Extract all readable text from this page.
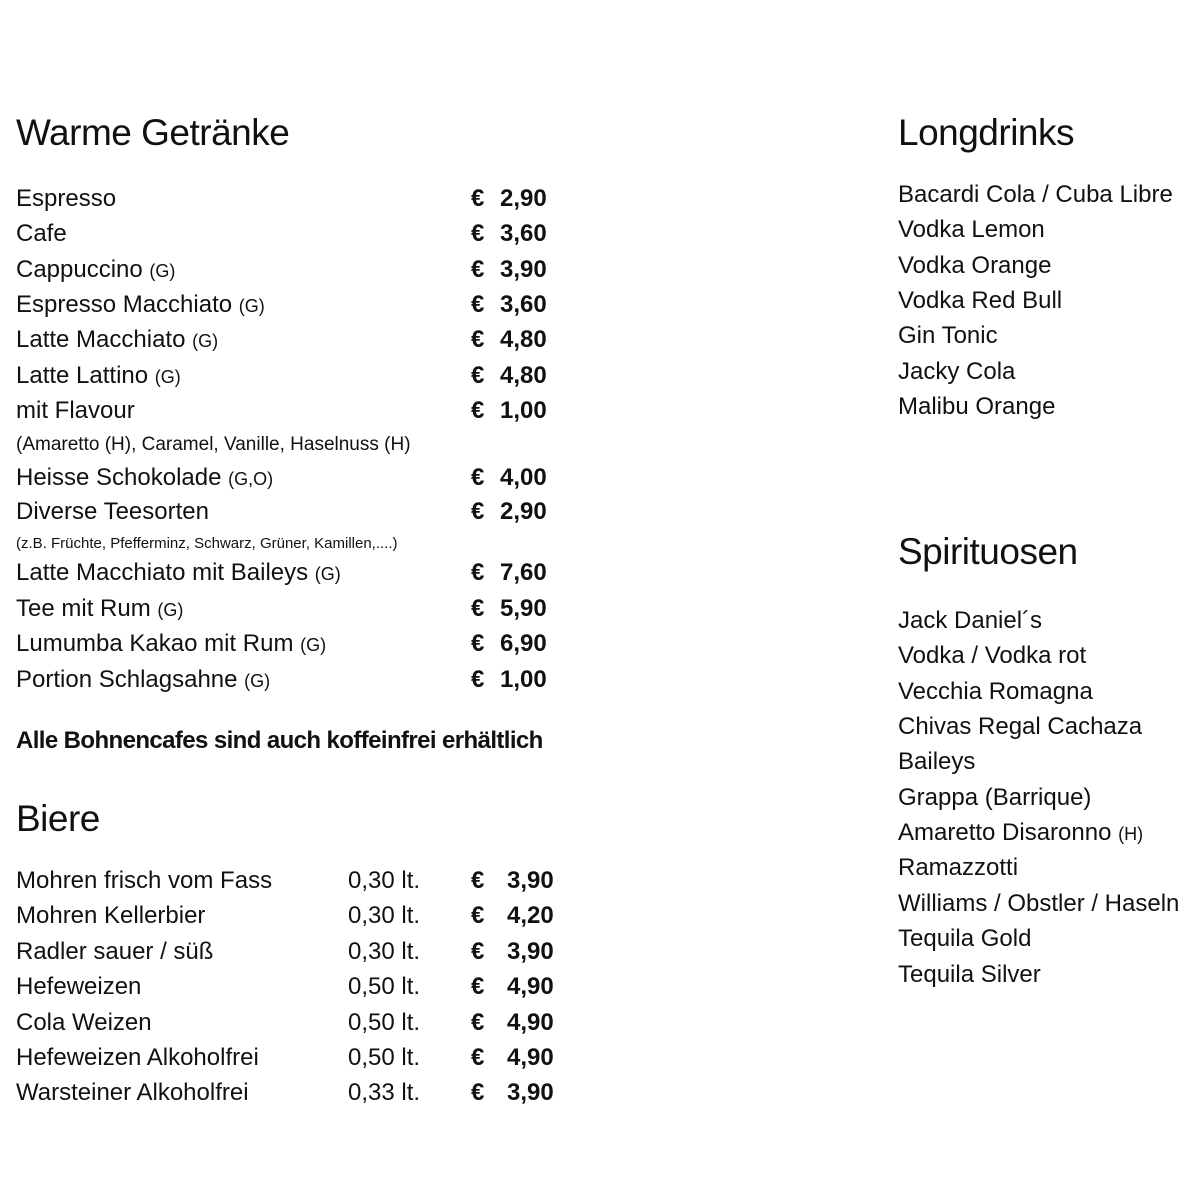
Warme Getränke
Espresso	€ 2,90
Cafe	€ 3,60
Cappuccino (G)	€ 3,90
Espresso Macchiato (G)	€ 3,60
Latte Macchiato (G)	€ 4,80
Latte Lattino (G)	€ 4,80
mit Flavour	€ 1,00
(Amaretto (H), Caramel, Vanille, Haselnuss (H)
Heisse Schokolade (G,O)	€ 4,00
Diverse Teesorten	€ 2,90
(z.B. Früchte, Pfefferminz, Schwarz, Grüner, Kamillen,....)
Latte Macchiato mit Baileys (G)	€ 7,60
Tee mit Rum (G)	€ 5,90
Lumumba Kakao mit Rum (G)	€ 6,90
Portion Schlagsahne (G)	€ 1,00
Alle Bohnencafes sind auch koffeinfrei erhältlich
Biere
Mohren frisch vom Fass	0,30 lt. € 3,90
Mohren Kellerbier	0,30 lt. € 4,20
Radler sauer / süß	0,30 lt. € 3,90
Hefeweizen	0,50 lt. € 4,90
Cola Weizen	0,50 lt. € 4,90
Hefeweizen Alkoholfrei	0,50 lt. € 4,90
Warsteiner Alkoholfrei	0,33 lt. € 3,90
Longdrinks
Bacardi Cola / Cuba Libre
Vodka Lemon
Vodka Orange
Vodka Red Bull
Gin Tonic
Jacky Cola
Malibu Orange
Spirituosen
Jack Daniel´s
Vodka / Vodka rot
Vecchia Romagna
Chivas Regal Cachaza
Baileys
Grappa (Barrique)
Amaretto Disaronno (H)
Ramazzotti
Williams / Obstler / Haseln
Tequila Gold
Tequila Silver
